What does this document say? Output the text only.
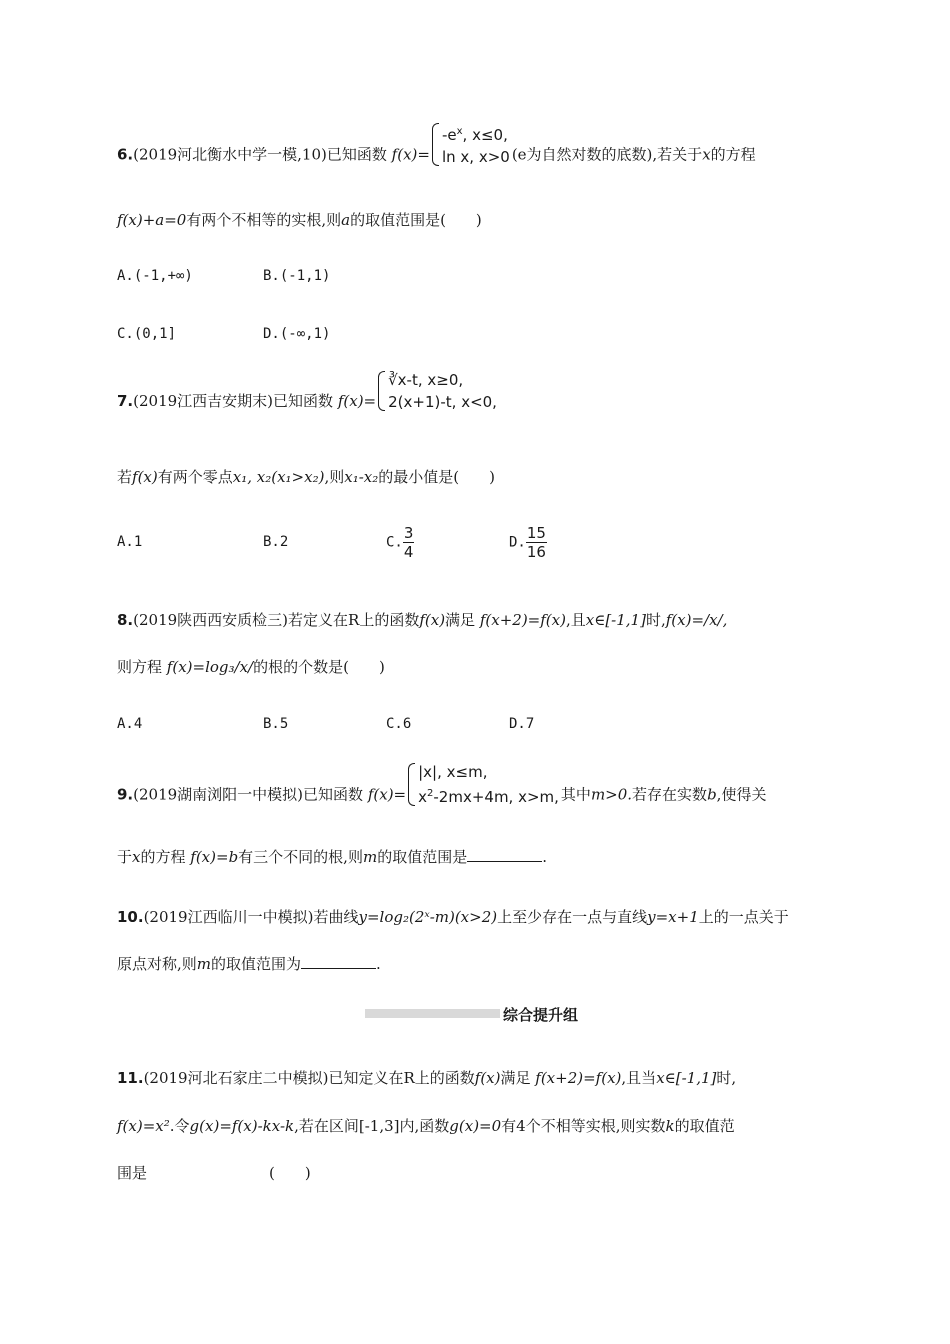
6.(2019河北衡水中学一模,10)已知函数 f(x)=
$-e^x$, x≤0,
ln x, x>0 (e为自然对数的底数),若关于x的方程
f(x)+a=0有两个不相等的实根,则a的取值范围是(　　)
A.(-1,+∞)	B.(-1,1)
C.(0,1]	D.(-∞,1)
7.(2019江西吉安期末)已知函数 f(x)=
∛x-t, x≥0,
2(x+1)-t, x<0,
若f(x)有两个零点x₁, x₂(x₁>x₂),则x₁-x₂的最小值是(　　)
A.1	B.2	C. $\frac{3}{4}$	D. $\frac{15}{16}$
8.(2019陕西西安质检三)若定义在R上的函数f(x)满足 f(x+2)=f(x),且x∈[-1,1]时,f(x)=/x/,
则方程 f(x)=log₃/x/的根的个数是(　　)
A.4	B.5	C.6	D.7
9.(2019湖南浏阳一中模拟)已知函数 f(x)=
|x|, x≤m,
$x^2-2mx+4m$, x>m, 其中m>0.若存在实数b,使得关
于x的方程 f(x)=b有三个不同的根,则m的取值范围是	.
10.(2019江西临川一中模拟)若曲线y=log₂(2ˣ-m)(x>2)上至少存在一点与直线y=x+1上的一点关于
原点对称,则m的取值范围为	.
综合提升组
11.(2019河北石家庄二中模拟)已知定义在R上的函数f(x)满足 f(x+2)=f(x),且当x∈[-1,1]时,
f(x)=x².令g(x)=f(x)-kx-k,若在区间[-1,3]内,函数g(x)=0有4个不相等实根,则实数k的取值范
围是	(　　)
